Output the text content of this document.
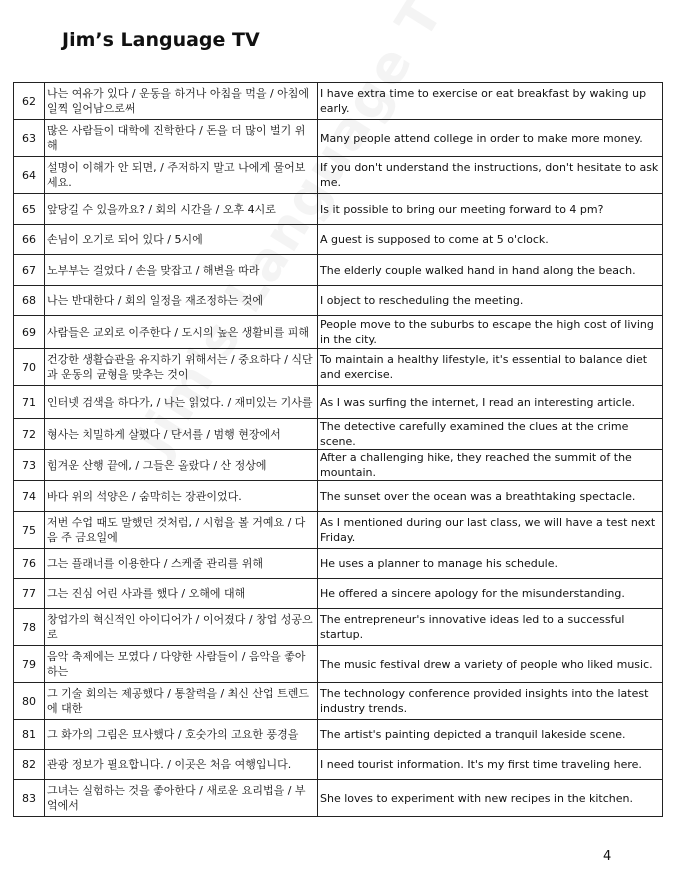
Jim’s Language TV
62	나는 여유가 있다 / 운동을 하거나 아침을 먹을 / 아침에 일찍 일어남으로써	I have extra time to exercise or eat breakfast by waking up early.
63	많은 사람들이 대학에 진학한다 / 돈을 더 많이 벌기 위해	Many people attend college in order to make more money.
64	설명이 이해가 안 되면, / 주저하지 말고 나에게 물어보세요.	If you don't understand the instructions, don't hesitate to ask me.
65	앞당길 수 있을까요? / 회의 시간을 / 오후 4시로	Is it possible to bring our meeting forward to 4 pm?
66	손님이 오기로 되어 있다 / 5시에	A guest is supposed to come at 5 o'clock.
67	노부부는 걸었다 / 손을 맞잡고 / 해변을 따라	The elderly couple walked hand in hand along the beach.
68	나는 반대한다 / 회의 일정을 재조정하는 것에	I object to rescheduling the meeting.
69	사람들은 교외로 이주한다 / 도시의 높은 생활비를 피해	People move to the suburbs to escape the high cost of living in the city.
70	건강한 생활습관을 유지하기 위해서는 / 중요하다 / 식단과 운동의 균형을 맞추는 것이	To maintain a healthy lifestyle, it's essential to balance diet and exercise.
71	인터넷 검색을 하다가, / 나는 읽었다. / 재미있는 기사를	As I was surfing the internet, I read an interesting article.
72	형사는 치밀하게 살폈다 / 단서를 / 범행 현장에서	The detective carefully examined the clues at the crime scene.
73	힘겨운 산행 끝에, / 그들은 올랐다 / 산 정상에	After a challenging hike, they reached the summit of the mountain.
74	바다 위의 석양은 / 숨막히는 장관이었다.	The sunset over the ocean was a breathtaking spectacle.
75	저번 수업 때도 말했던 것처럼, / 시험을 볼 거예요 / 다음 주 금요일에	As I mentioned during our last class, we will have a test next Friday.
76	그는 플래너를 이용한다 / 스케줄 관리를 위해	He uses a planner to manage his schedule.
77	그는 진심 어린 사과를 했다 / 오해에 대해	He offered a sincere apology for the misunderstanding.
78	창업가의 혁신적인 아이디어가 / 이어졌다 / 창업 성공으로	The entrepreneur's innovative ideas led to a successful startup.
79	음악 축제에는 모였다 / 다양한 사람들이 / 음악을 좋아하는	The music festival drew a variety of people who liked music.
80	그 기술 회의는 제공했다 / 통찰력을 / 최신 산업 트렌드에 대한	The technology conference provided insights into the latest industry trends.
81	그 화가의 그림은 묘사했다 / 호숫가의 고요한 풍경을	The artist's painting depicted a tranquil lakeside scene.
82	관광 정보가 필요합니다. / 이곳은 처음 여행입니다.	I need tourist information. It's my first time traveling here.
83	그녀는 실험하는 것을 좋아한다 / 새로운 요리법을 / 부엌에서	She loves to experiment with new recipes in the kitchen.
4
